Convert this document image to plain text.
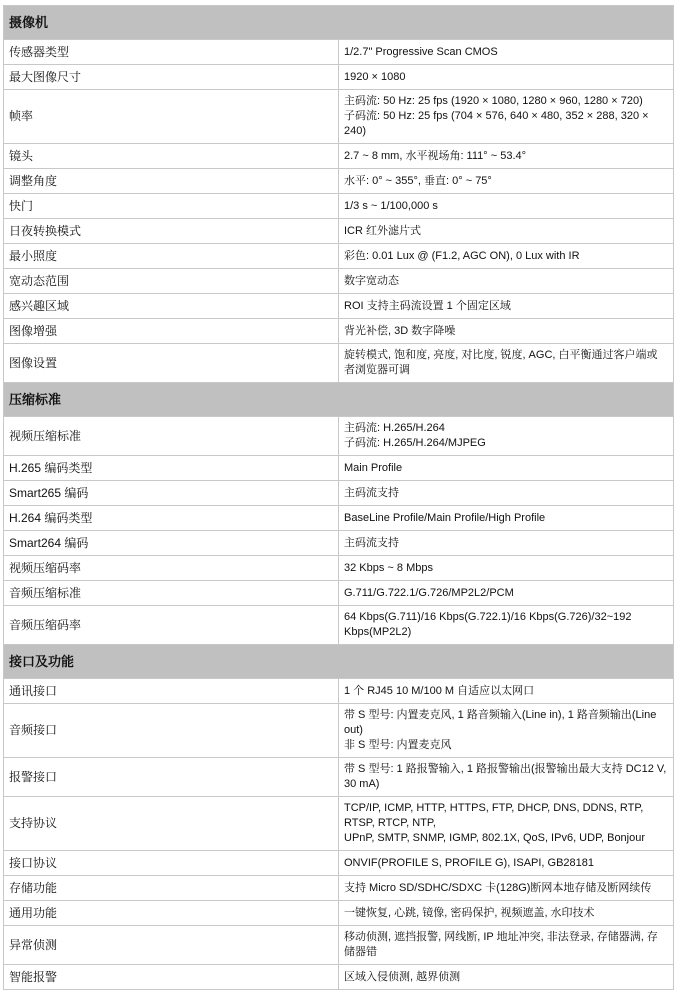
摄像机	
传感器类型	1/2.7" Progressive Scan CMOS

最大图像尺寸	1920 × 1080

帧率	主码流: 50 Hz: 25 fps (1920 × 1080, 1280 × 960, 1280 × 720)
子码流: 50 Hz: 25 fps (704 × 576, 640 × 480, 352 × 288, 320 × 240)

镜头	2.7 ~ 8 mm, 水平视场角: 111° ~ 53.4°

调整角度	水平: 0° ~ 355°, 垂直: 0° ~ 75°

快门	1/3 s ~ 1/100,000 s

日夜转换模式	ICR 红外滤片式

最小照度	彩色: 0.01 Lux @ (F1.2, AGC ON), 0 Lux with IR

宽动态范围	数字宽动态

感兴趣区域	ROI 支持主码流设置 1 个固定区域

图像增强	背光补偿, 3D 数字降噪

图像设置	旋转模式, 饱和度, 亮度, 对比度, 锐度, AGC, 白平衡通过客户端或者浏览器可调

压缩标准	
视频压缩标准	主码流: H.265/H.264
子码流: H.265/H.264/MJPEG

H.265 编码类型	Main Profile

Smart265 编码	主码流支持

H.264 编码类型	BaseLine Profile/Main Profile/High Profile

Smart264 编码	主码流支持

视频压缩码率	32 Kbps ~ 8 Mbps

音频压缩标准	G.711/G.722.1/G.726/MP2L2/PCM

音频压缩码率	64 Kbps(G.711)/16 Kbps(G.722.1)/16 Kbps(G.726)/32~192 Kbps(MP2L2)

接口及功能	
通讯接口	1 个 RJ45 10 M/100 M 自适应以太网口

音频接口	带 S 型号: 内置麦克风, 1 路音频输入(Line in), 1 路音频输出(Line out)
非 S 型号: 内置麦克风

报警接口	带 S 型号: 1 路报警输入, 1 路报警输出(报警输出最大支持 DC12 V, 30 mA)

支持协议	TCP/IP, ICMP, HTTP, HTTPS, FTP, DHCP, DNS, DDNS, RTP, RTSP, RTCP, NTP,
UPnP, SMTP, SNMP, IGMP, 802.1X, QoS, IPv6, UDP, Bonjour

接口协议	ONVIF(PROFILE S, PROFILE G), ISAPI, GB28181

存储功能	支持 Micro SD/SDHC/SDXC 卡(128G)断网本地存储及断网续传

通用功能	一键恢复, 心跳, 镜像, 密码保护, 视频遮盖, 水印技术

异常侦测	移动侦测, 遮挡报警, 网线断, IP 地址冲突, 非法登录, 存储器满, 存储器错

智能报警	区域入侵侦测, 越界侦测
